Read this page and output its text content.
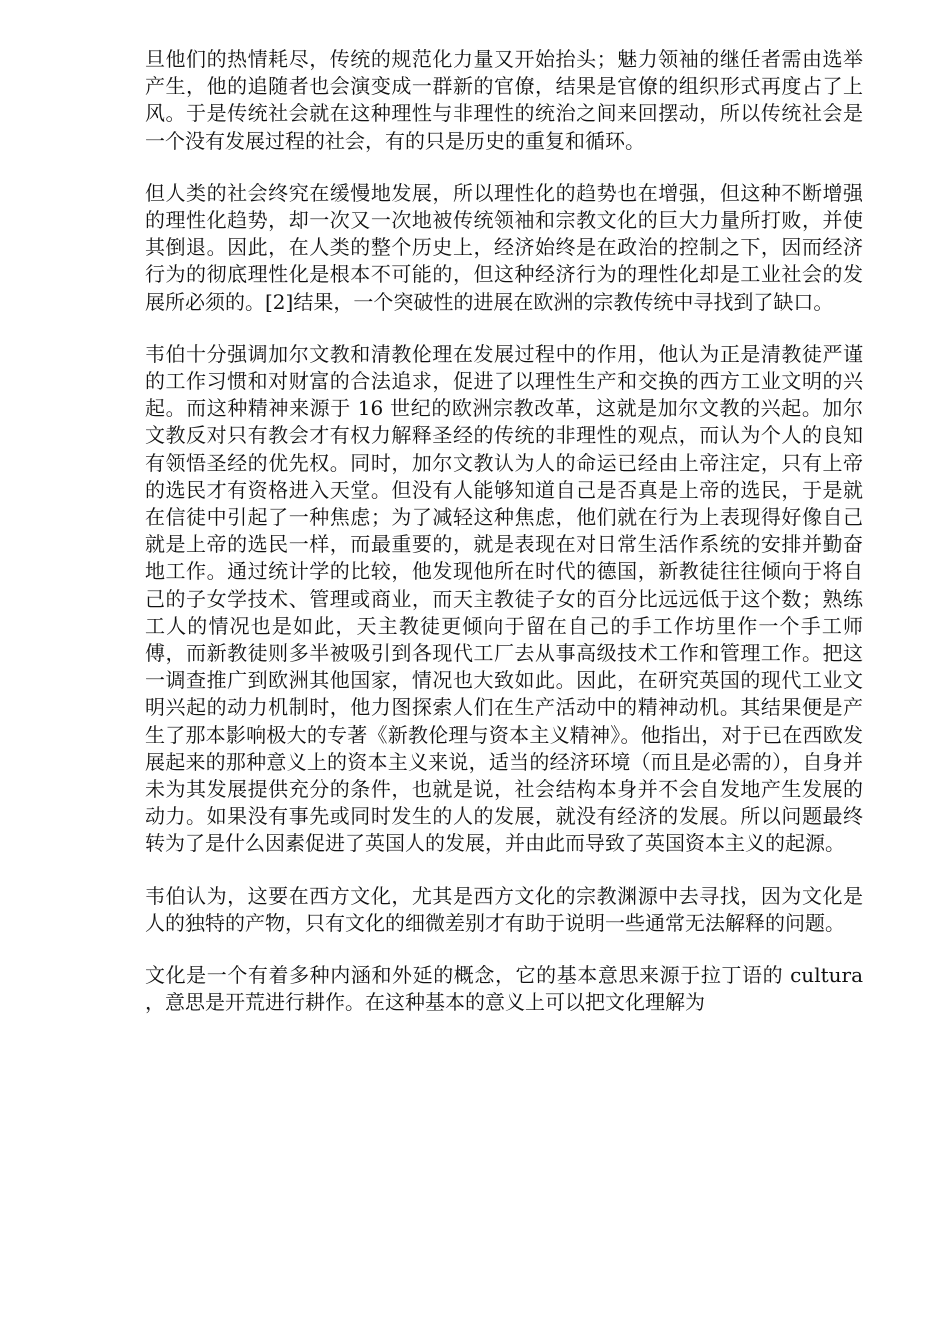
旦他们的热情耗尽，传统的规范化力量又开始抬头；魅力领袖的继任者需由选举产生，他的追随者也会演变成一群新的官僚，结果是官僚的组织形式再度占了上风。于是传统社会就在这种理性与非理性的统治之间来回摆动，所以传统社会是一个没有发展过程的社会，有的只是历史的重复和循环。

但人类的社会终究在缓慢地发展，所以理性化的趋势也在增强，但这种不断增强的理性化趋势，却一次又一次地被传统领袖和宗教文化的巨大力量所打败，并使其倒退。因此，在人类的整个历史上，经济始终是在政治的控制之下，因而经济行为的彻底理性化是根本不可能的，但这种经济行为的理性化却是工业社会的发展所必须的。[2]结果，一个突破性的进展在欧洲的宗教传统中寻找到了缺口。

韦伯十分强调加尔文教和清教伦理在发展过程中的作用，他认为正是清教徒严谨的工作习惯和对财富的合法追求，促进了以理性生产和交换的西方工业文明的兴起。而这种精神来源于 16 世纪的欧洲宗教改革，这就是加尔文教的兴起。加尔文教反对只有教会才有权力解释圣经的传统的非理性的观点，而认为个人的良知有领悟圣经的优先权。同时，加尔文教认为人的命运已经由上帝注定，只有上帝的选民才有资格进入天堂。但没有人能够知道自己是否真是上帝的选民，于是就在信徒中引起了一种焦虑；为了减轻这种焦虑，他们就在行为上表现得好像自己就是上帝的选民一样，而最重要的，就是表现在对日常生活作系统的安排并勤奋地工作。通过统计学的比较，他发现他所在时代的德国，新教徒往往倾向于将自己的子女学技术、管理或商业，而天主教徒子女的百分比远远低于这个数；熟练工人的情况也是如此，天主教徒更倾向于留在自己的手工作坊里作一个手工师傅，而新教徒则多半被吸引到各现代工厂去从事高级技术工作和管理工作。把这一调查推广到欧洲其他国家，情况也大致如此。因此，在研究英国的现代工业文明兴起的动力机制时，他力图探索人们在生产活动中的精神动机。其结果便是产生了那本影响极大的专著《新教伦理与资本主义精神》。他指出，对于已在西欧发展起来的那种意义上的资本主义来说，适当的经济环境（而且是必需的），自身并未为其发展提供充分的条件，也就是说，社会结构本身并不会自发地产生发展的动力。如果没有事先或同时发生的人的发展，就没有经济的发展。所以问题最终转为了是什么因素促进了英国人的发展，并由此而导致了英国资本主义的起源。

韦伯认为，这要在西方文化，尤其是西方文化的宗教渊源中去寻找，因为文化是人的独特的产物，只有文化的细微差别才有助于说明一些通常无法解释的问题。

文化是一个有着多种内涵和外延的概念，它的基本意思来源于拉丁语的 cultura ，意思是开荒进行耕作。在这种基本的意义上可以把文化理解为
